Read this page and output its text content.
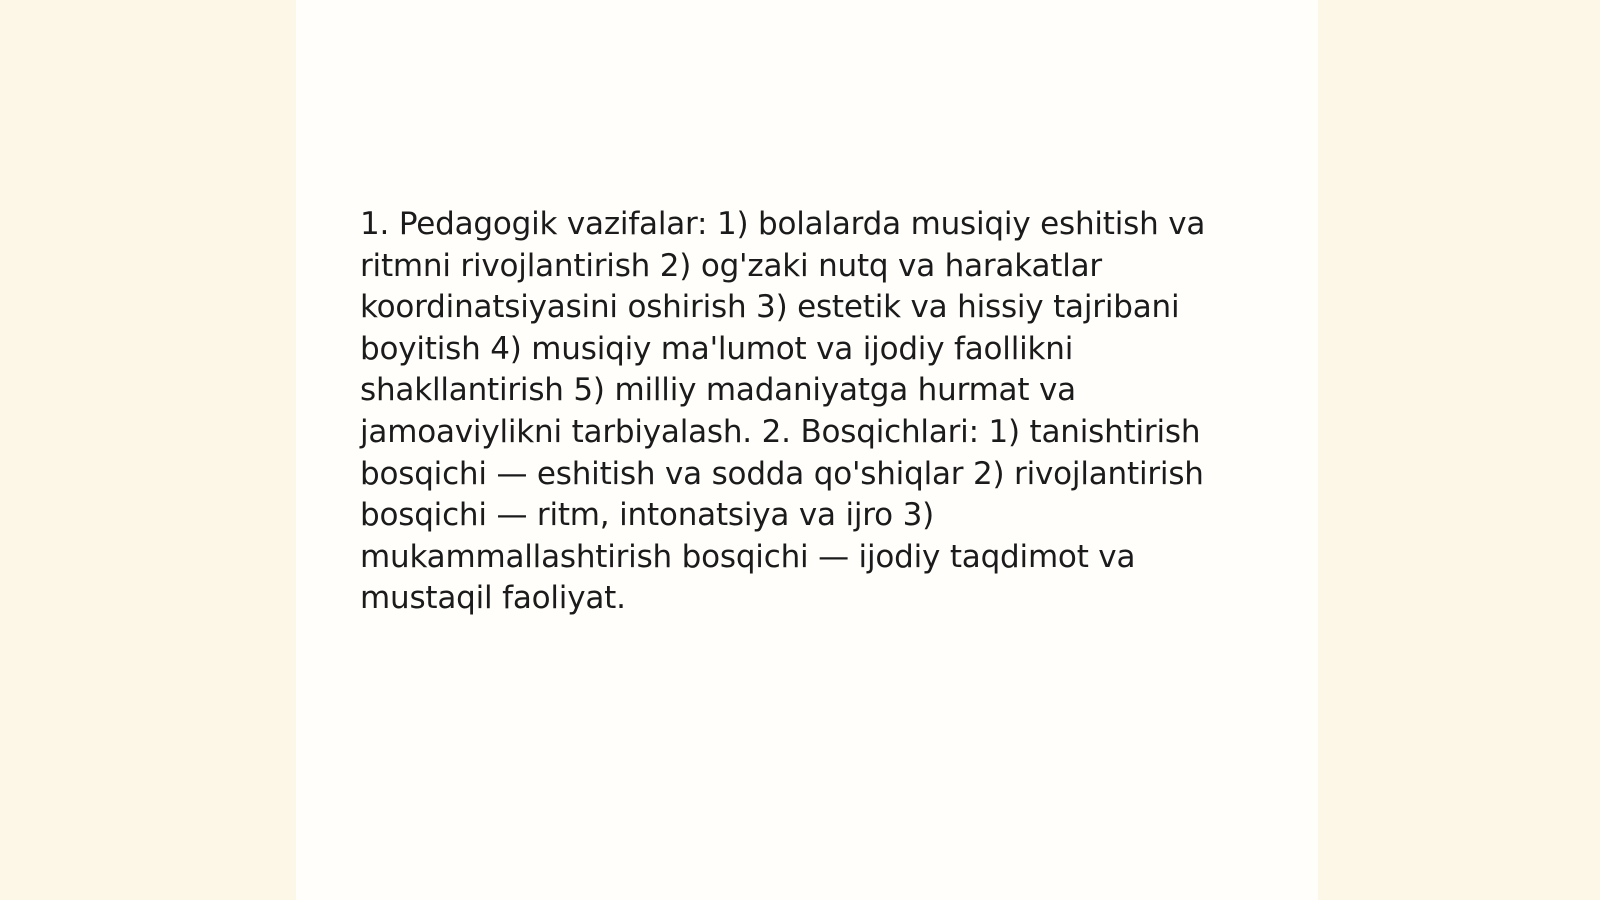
1. Pedagogik vazifalar: 1) bolalarda musiqiy eshitish va ritmni rivojlantirish 2) og'zaki nutq va harakatlar koordinatsiyasini oshirish 3) estetik va hissiy tajribani boyitish 4) musiqiy ma'lumot va ijodiy faollikni shakllantirish 5) milliy madaniyatga hurmat va jamoaviylikni tarbiyalash. 2. Bosqichlari: 1) tanishtirish bosqichi — eshitish va sodda qo'shiqlar 2) rivojlantirish bosqichi — ritm, intonatsiya va ijro 3) mukammallashtirish bosqichi — ijodiy taqdimot va mustaqil faoliyat.
